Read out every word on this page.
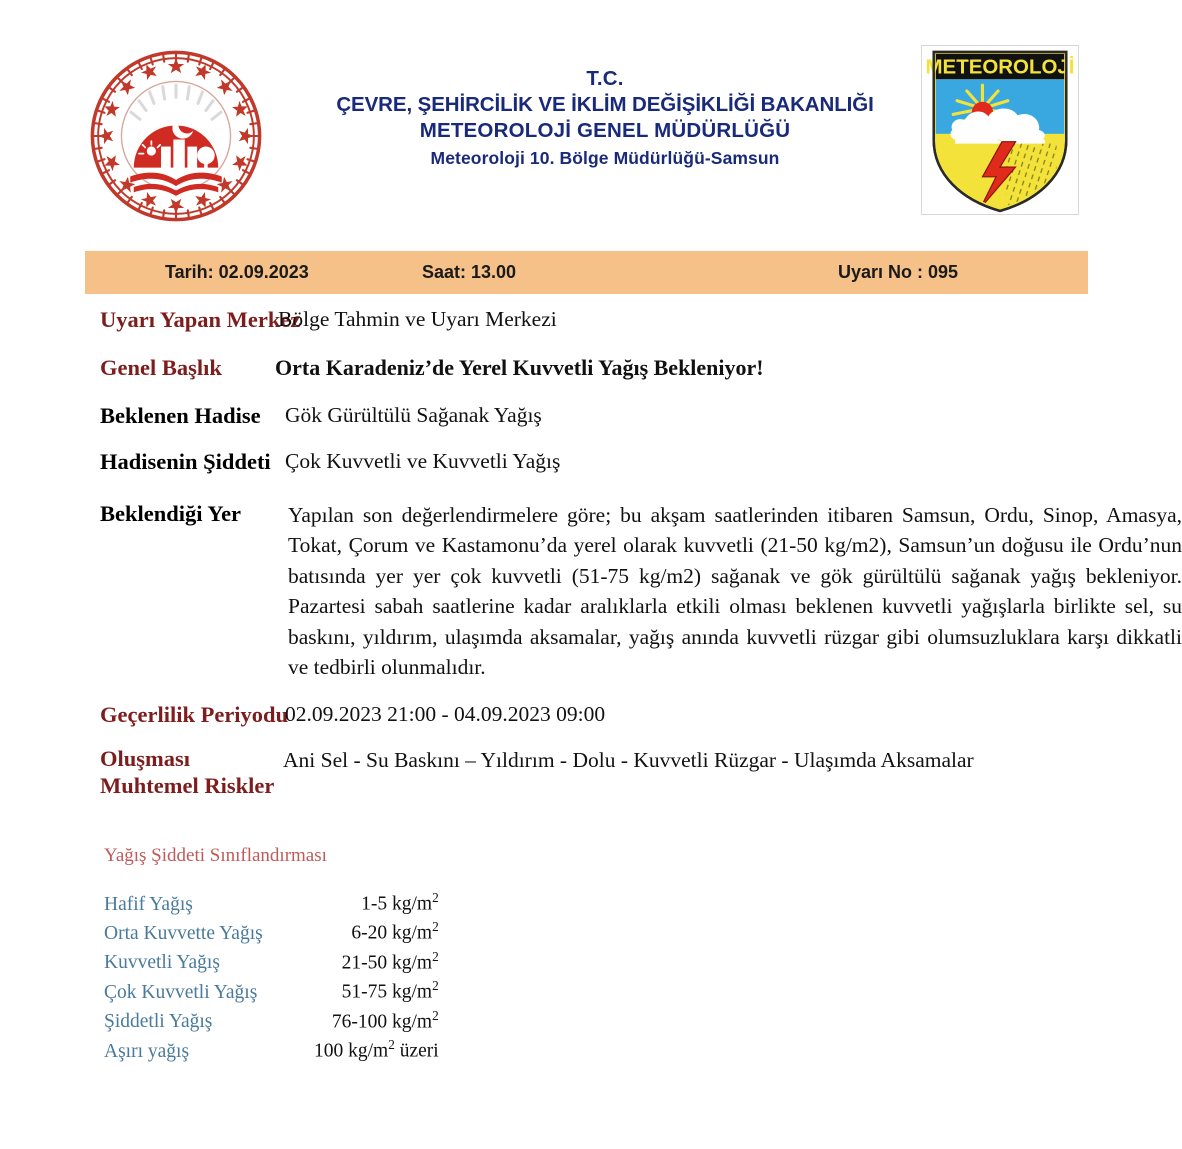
T.C.
ÇEVRE, ŞEHİRCİLİK VE İKLİM DEĞİŞİKLİĞİ BAKANLIĞI
METEOROLOJİ GENEL MÜDÜRLÜĞÜ
Meteoroloji 10. Bölge Müdürlüğü-Samsun
METEOROLOJİ
Tarih: 02.09.2023	Saat: 13.00	Uyarı No : 095
Uyarı Yapan Merkez
Bölge Tahmin ve Uyarı Merkezi
Genel Başlık	Orta Karadeniz’de Yerel Kuvvetli Yağış Bekleniyor!
Beklenen Hadise	Gök Gürültülü Sağanak Yağış
Hadisenin Şiddeti Çok Kuvvetli ve Kuvvetli Yağış
Beklendiği Yer	Yapılan son değerlendirmelere göre; bu akşam saatlerinden itibaren Samsun, Ordu, Sinop, Amasya, Tokat, Çorum ve Kastamonu’da yerel olarak kuvvetli (21-50 kg/m2), Samsun’un doğusu ile Ordu’nun batısında yer yer çok kuvvetli (51-75 kg/m2) sağanak ve gök gürültülü sağanak yağış bekleniyor. Pazartesi sabah saatlerine kadar aralıklarla etkili olması beklenen kuvvetli yağışlarla birlikte sel, su baskını, yıldırım, ulaşımda aksamalar, yağış anında kuvvetli rüzgar gibi olumsuzluklara karşı dikkatli ve tedbirli olunmalıdır.
Geçerlilik Periyodu
02.09.2023 21:00 - 04.09.2023 09:00
Oluşması Muhtemel Riskler
Ani Sel - Su Baskını – Yıldırım - Dolu - Kuvvetli Rüzgar - Ulaşımda Aksamalar
Yağış Şiddeti Sınıflandırması
Hafif Yağış	1-5 $kg/m^2$
Orta Kuvvette Yağış	6-20 $kg/m^2$
Kuvvetli Yağış	21-50 $kg/m^2$
Çok Kuvvetli Yağış	51-75 $kg/m^2$
Şiddetli Yağış	76-100 $kg/m^2$
Aşırı yağış	100 $kg/m^2$ üzeri
